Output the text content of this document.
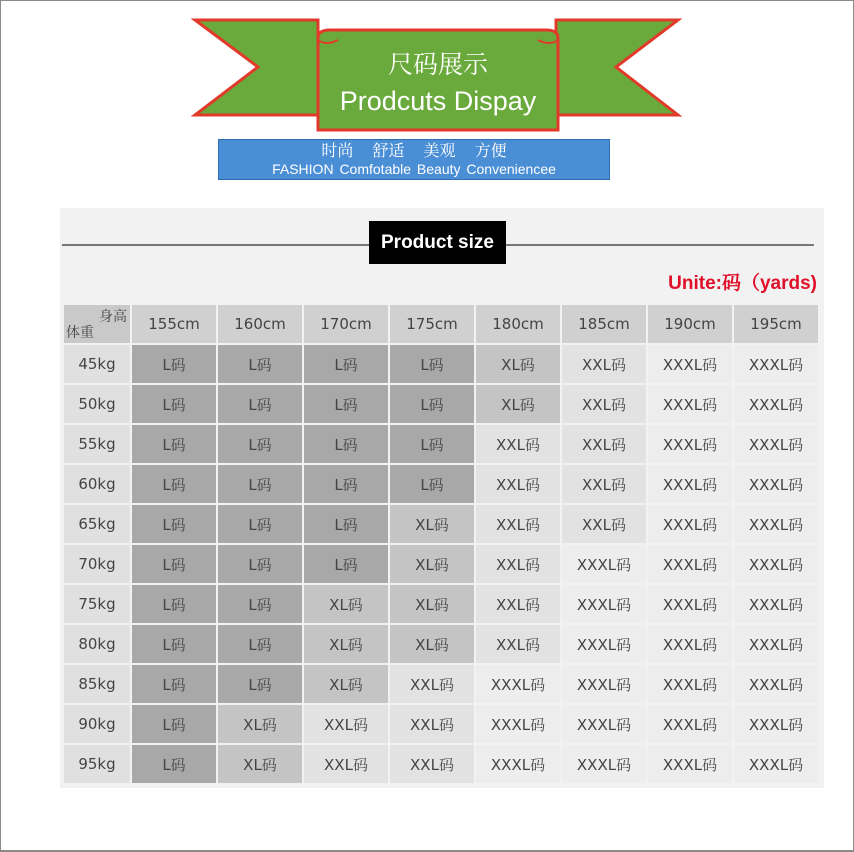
尺码展示
Prodcuts Dispay
时尚 舒适 美观 方便
FASHION Comfotable Beauty Conveniencee
Product size
Unite:码（yards)
身高
体重	155cm	160cm	170cm	175cm	180cm	185cm	190cm	195cm
45kg	L码	L码	L码	L码	XL码	XXL码	XXXL码	XXXL码
50kg	L码	L码	L码	L码	XL码	XXL码	XXXL码	XXXL码
55kg	L码	L码	L码	L码	XXL码	XXL码	XXXL码	XXXL码
60kg	L码	L码	L码	L码	XXL码	XXL码	XXXL码	XXXL码
65kg	L码	L码	L码	XL码	XXL码	XXL码	XXXL码	XXXL码
70kg	L码	L码	L码	XL码	XXL码	XXXL码	XXXL码	XXXL码
75kg	L码	L码	XL码	XL码	XXL码	XXXL码	XXXL码	XXXL码
80kg	L码	L码	XL码	XL码	XXL码	XXXL码	XXXL码	XXXL码
85kg	L码	L码	XL码	XXL码	XXXL码	XXXL码	XXXL码	XXXL码
90kg	L码	XL码	XXL码	XXL码	XXXL码	XXXL码	XXXL码	XXXL码
95kg	L码	XL码	XXL码	XXL码	XXXL码	XXXL码	XXXL码	XXXL码
